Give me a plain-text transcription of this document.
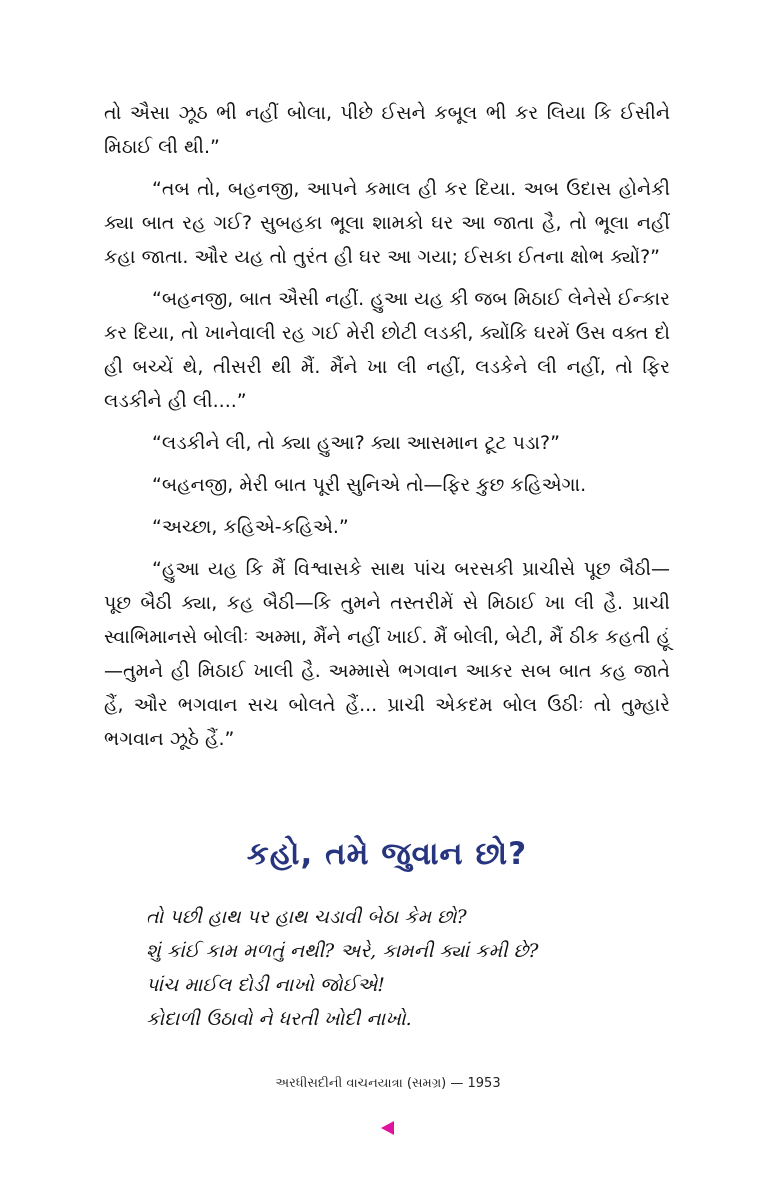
તો ઐસા ઝૂઠ ભી નહીં બોલા, પીછે ઈસને કબૂલ ભી કર લિયા કિ ઈસીને મિઠાઈ લી થી.”

“તબ તો, બહનજી, આપને કમાલ હી કર દિયા. અબ ઉદાસ હોનેકી ક્યા બાત રહ ગઈ? સુબહકા ભૂલા શામકો ઘર આ જાતા હૈ, તો ભૂલા નહીં કહા જાતા. ઔર યહ તો તુરંત હી ઘર આ ગયા; ઈસકા ઈતના ક્ષોભ ક્યોં?”

“બહનજી, બાત ઐસી નહીં. હુઆ યહ કી જબ મિઠાઈ લેનેસે ઈન્કાર કર દિયા, તો ખાનેવાલી રહ ગઈ મેરી છોટી લડકી, ક્યોંકિ ઘરમેં ઉસ વક્ત દો હી બચ્ચેં થે, તીસરી થી મૈં. મૈંને ખા લી નહીં, લડકેને લી નહીં, તો ફિર લડકીને હી લી....”

“લડકીને લી, તો ક્યા હુઆ? ક્યા આસમાન ટૂટ પડા?”

“બહનજી, મેરી બાત પૂરી સુનિએ તો—ફિર કુછ કહિએગા.

“અચ્છા, કહિએ-કહિએ.”

“હુઆ યહ કિ મૈં વિશ્વાસકે સાથ પાંચ બરસકી પ્રાચીસે પૂછ બૈઠી—પૂછ બૈઠી ક્યા, કહ બૈઠી—કિ તુમને તસ્તરીમેં સે મિઠાઈ ખા લી હૈ. પ્રાચી સ્વાભિમાનસે બોલીઃ અમ્મા, મૈંને નહીં ખાઈ. મૈં બોલી, બેટી, મૈં ઠીક કહતી હૂં—તુમને હી મિઠાઈ ખાલી હૈ. અમ્માસે ભગવાન આકર સબ બાત કહ જાતે હૈં, ઔર ભગવાન સચ બોલતે હૈં... પ્રાચી એકદમ બોલ ઉઠીઃ તો તુમ્હારે ભગવાન ઝૂઠે હૈં.”

કહો, તમે જુવાન છો?
તો પછી હાથ પર હાથ ચડાવી બેઠા કેમ છો?
શું કાંઈ કામ મળતું નથી? અરે, કામની ક્યાં કમી છે?
પાંચ માઈલ દોડી નાખો જોઈએ!
કોદાળી ઉઠાવો ને ધરતી ખોદી નાખો.
અરધીસદીની વાચનયાત્રા (સમગ્ર) — 1953
